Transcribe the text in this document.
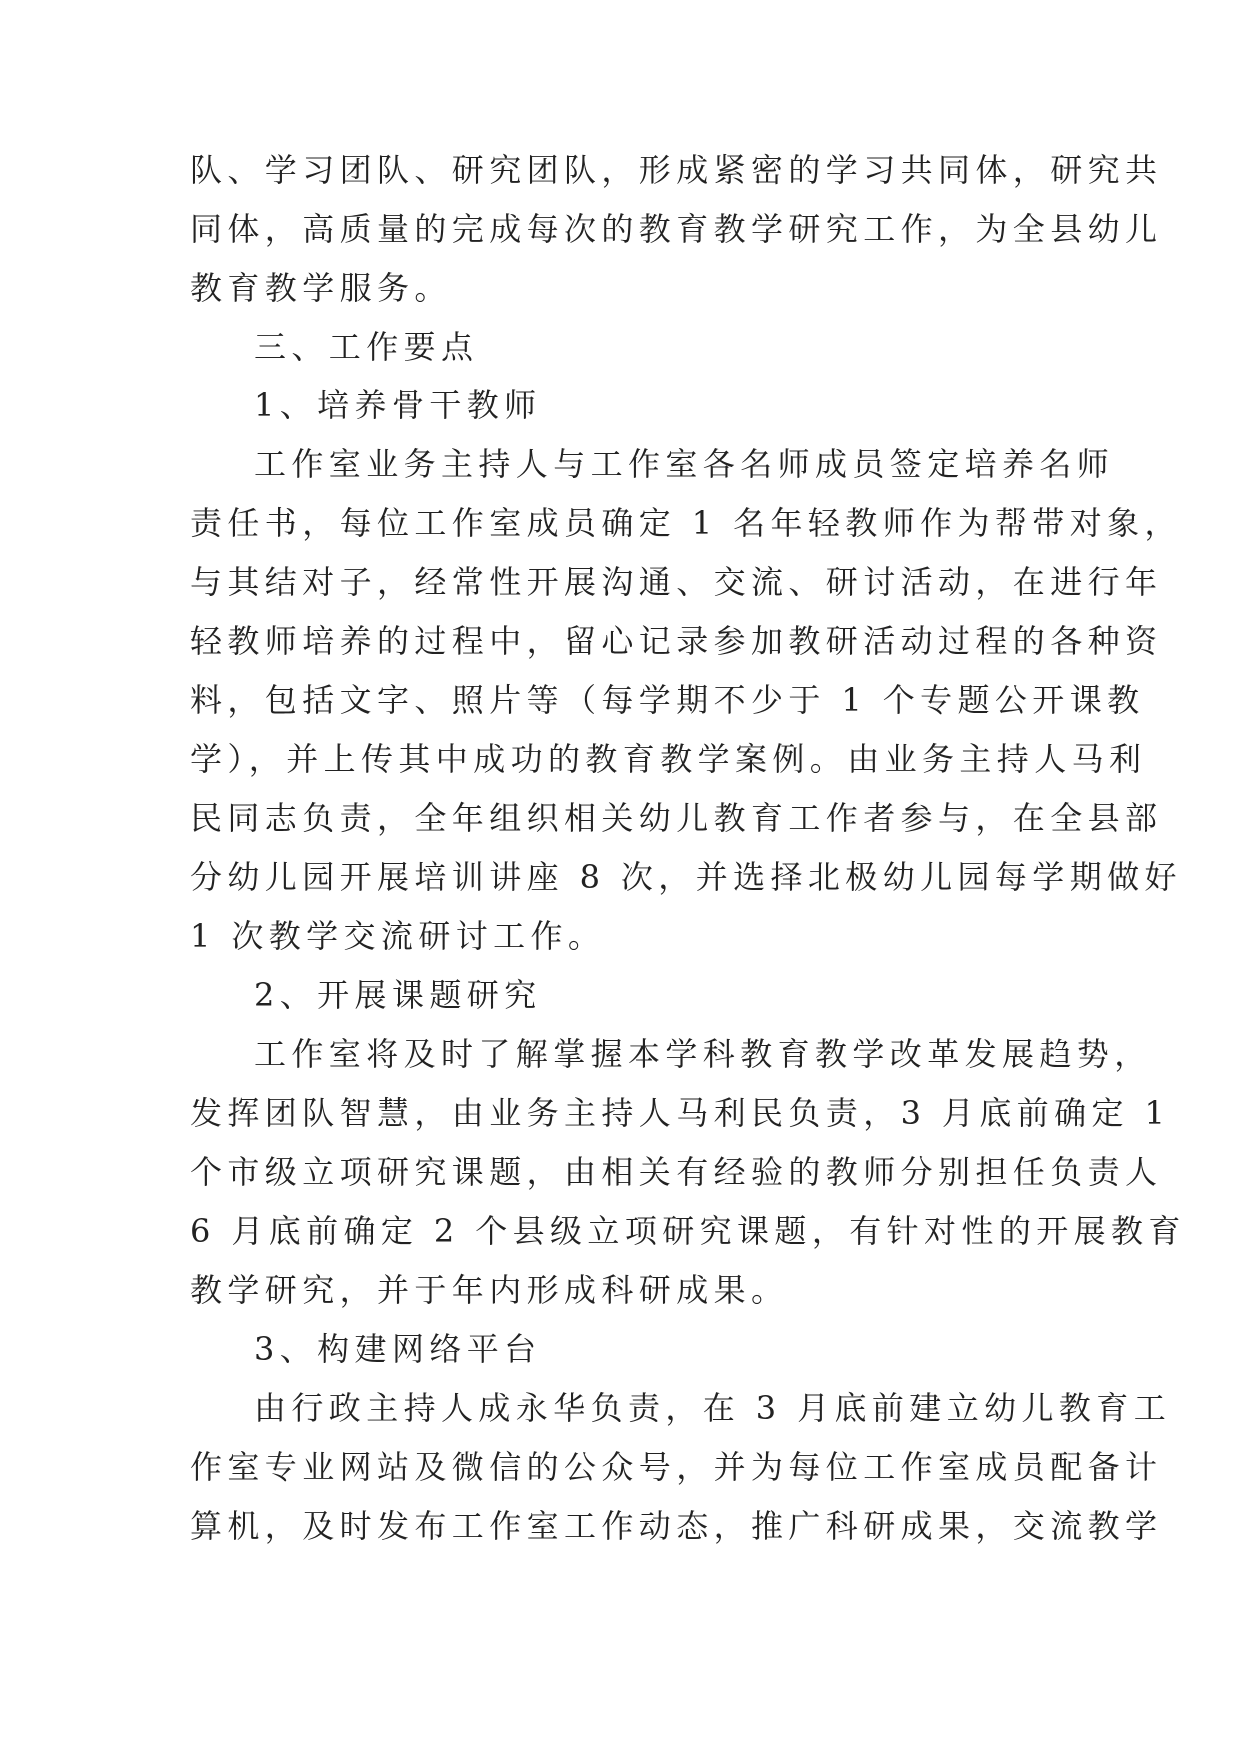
队、学习团队、研究团队，形成紧密的学习共同体，研究共
同体，高质量的完成每次的教育教学研究工作，为全县幼儿
教育教学服务。
三、工作要点
1、培养骨干教师
工作室业务主持人与工作室各名师成员签定培养名师
责任书，每位工作室成员确定 1 名年轻教师作为帮带对象，
与其结对子，经常性开展沟通、交流、研讨活动，在进行年
轻教师培养的过程中，留心记录参加教研活动过程的各种资
料，包括文字、照片等（每学期不少于 1 个专题公开课教
学），并上传其中成功的教育教学案例。由业务主持人马利
民同志负责，全年组织相关幼儿教育工作者参与，在全县部
分幼儿园开展培训讲座 8 次，并选择北极幼儿园每学期做好
1 次教学交流研讨工作。
2、开展课题研究
工作室将及时了解掌握本学科教育教学改革发展趋势，
发挥团队智慧，由业务主持人马利民负责，3 月底前确定 1
个市级立项研究课题，由相关有经验的教师分别担任负责人
6 月底前确定 2 个县级立项研究课题，有针对性的开展教育
教学研究，并于年内形成科研成果。
3、构建网络平台
由行政主持人成永华负责，在 3 月底前建立幼儿教育工
作室专业网站及微信的公众号，并为每位工作室成员配备计
算机，及时发布工作室工作动态，推广科研成果，交流教学
